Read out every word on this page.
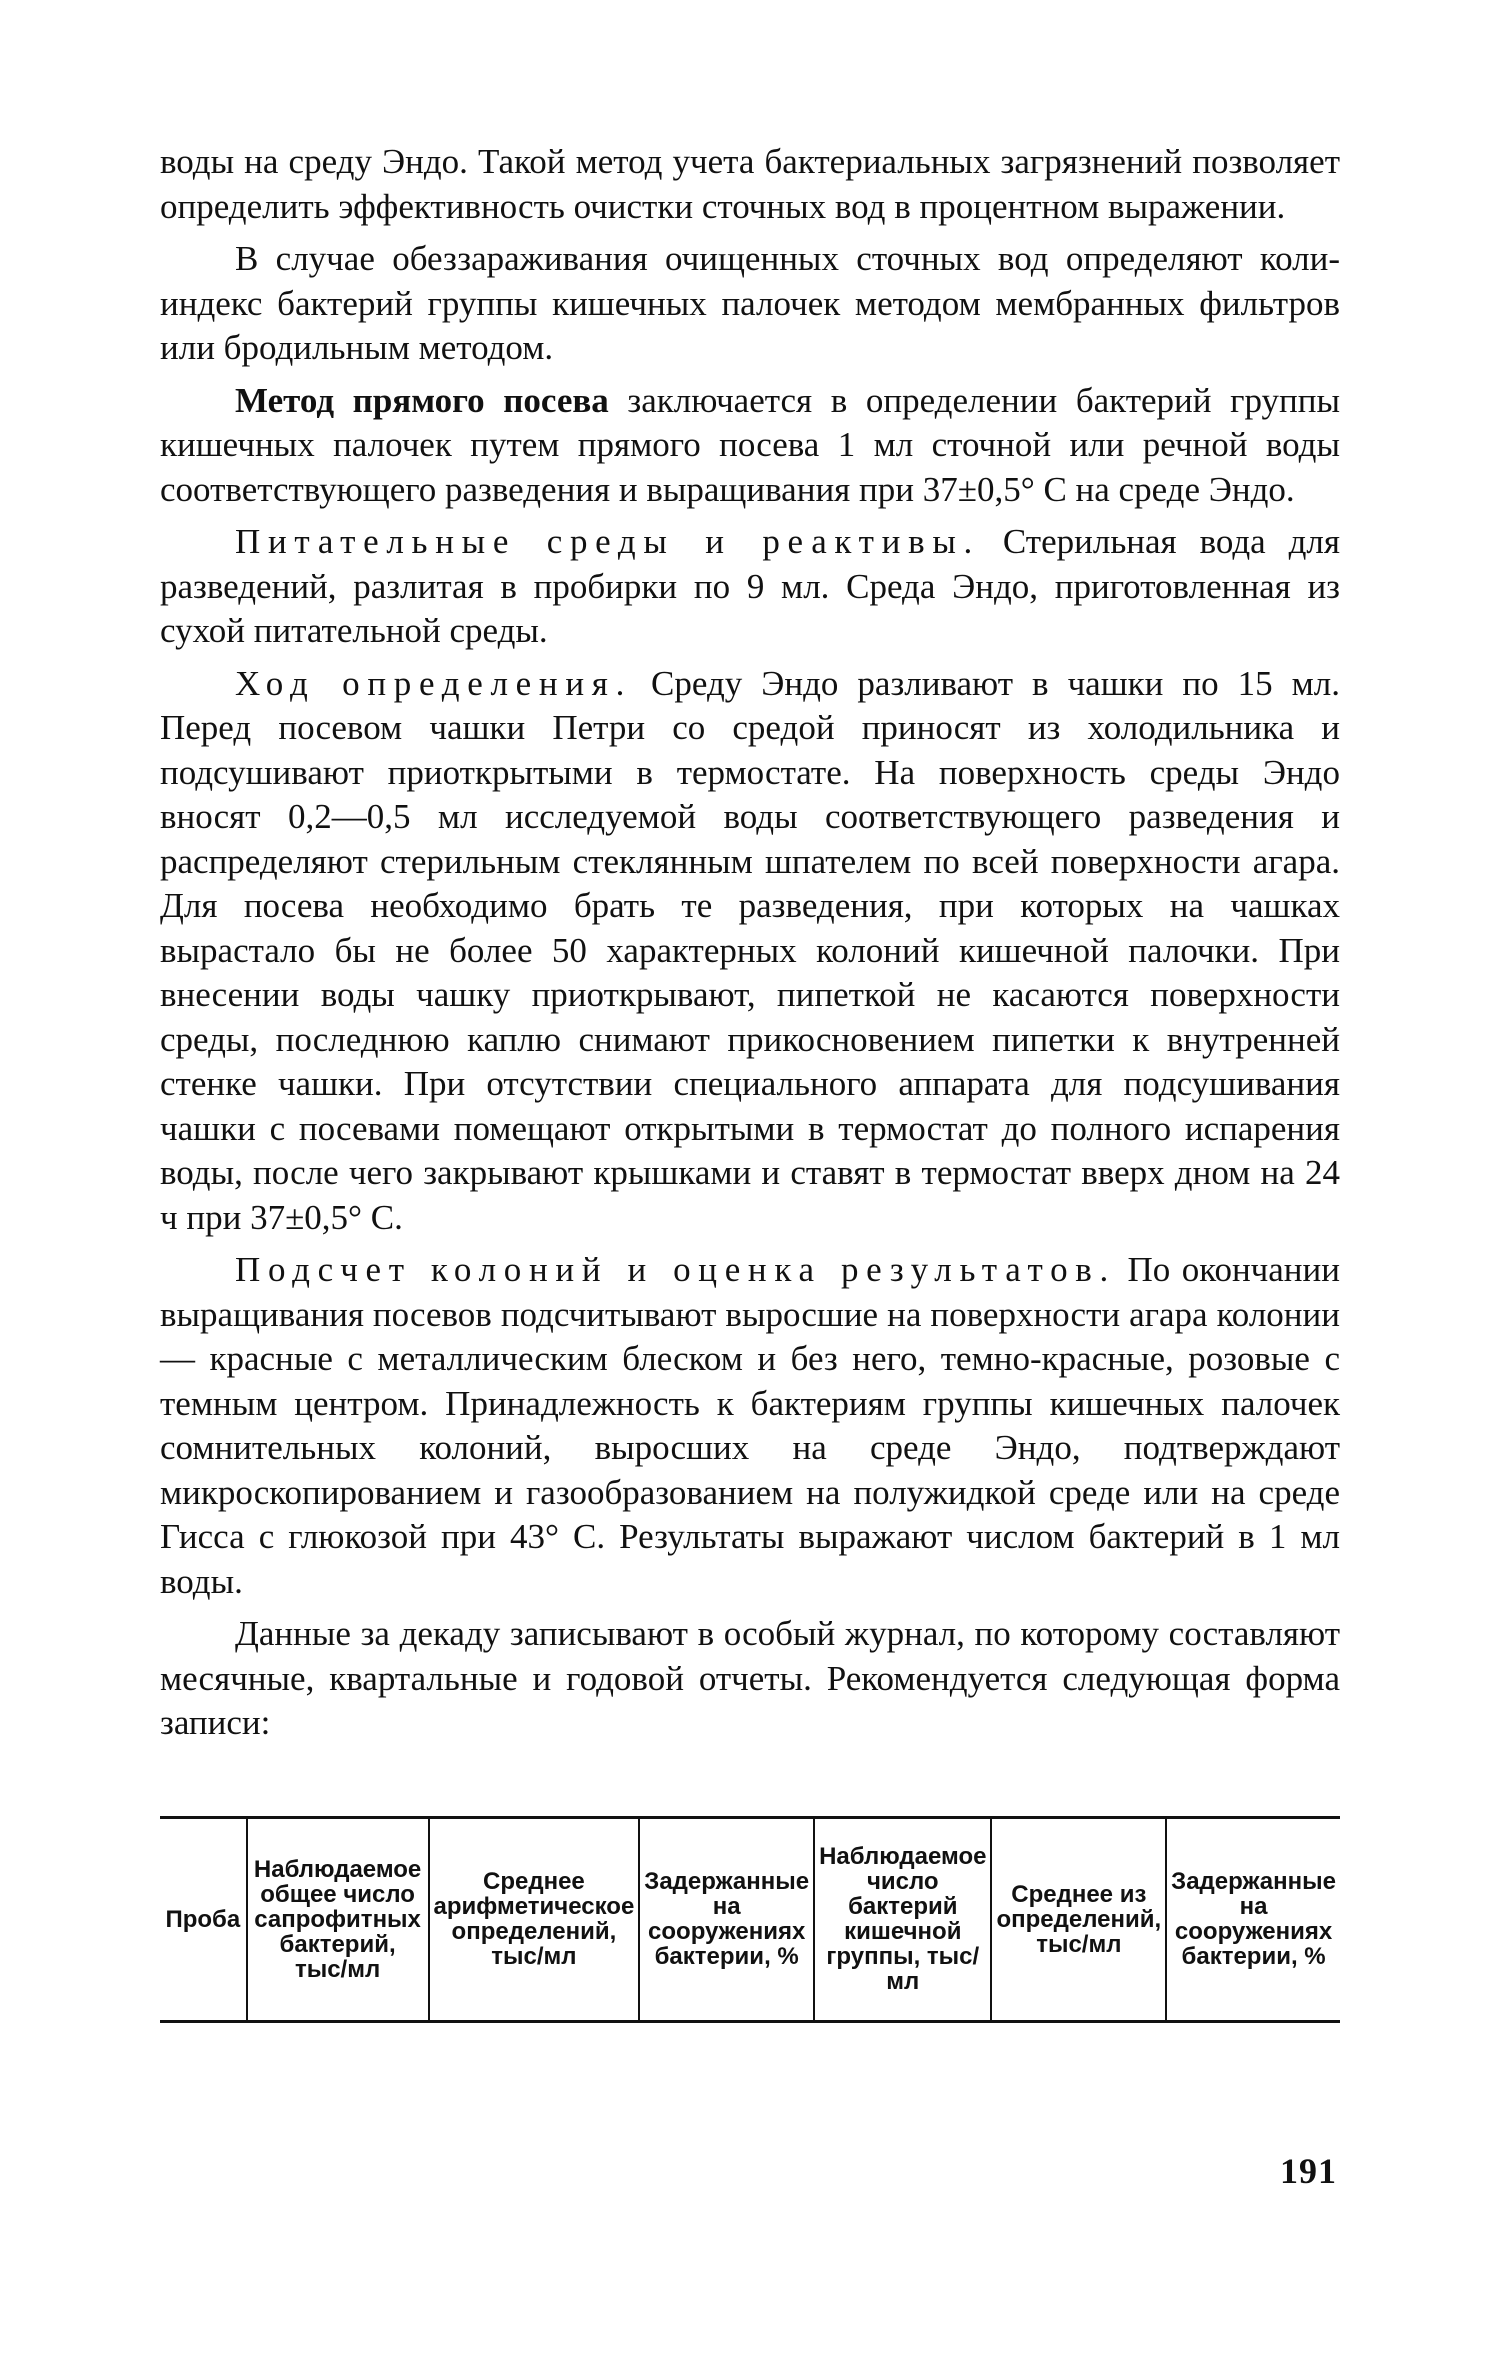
воды на среду Эндо. Такой метод учета бактериальных загрязнений позволяет определить эффективность очистки сточных вод в процентном выражении.

В случае обеззараживания очищенных сточных вод определяют коли-индекс бактерий группы кишечных палочек методом мембранных фильтров или бродильным методом.

Метод прямого посева заключается в определении бактерий группы кишечных палочек путем прямого посева 1 мл сточной или речной воды соответствующего разведения и выращивания при 37±0,5° С на среде Эндо.

Питательные среды и реактивы. Стерильная вода для разведений, разлитая в пробирки по 9 мл. Среда Эндо, приготовленная из сухой питательной среды.

Ход определения. Среду Эндо разливают в чашки по 15 мл. Перед посевом чашки Петри со средой приносят из холодильника и подсушивают приоткрытыми в термостате. На поверхность среды Эндо вносят 0,2—0,5 мл исследуемой воды соответствующего разведения и распределяют стерильным стеклянным шпателем по всей поверхности агара. Для посева необходимо брать те разведения, при которых на чашках вырастало бы не более 50 характерных колоний кишечной палочки. При внесении воды чашку приоткрывают, пипеткой не касаются поверхности среды, последнюю каплю снимают прикосновением пипетки к внутренней стенке чашки. При отсутствии специального аппарата для подсушивания чашки с посевами помещают открытыми в термостат до полного испарения воды, после чего закрывают крышками и ставят в термостат вверх дном на 24 ч при 37±0,5° С.

Подсчет колоний и оценка результатов. По окончании выращивания посевов подсчитывают выросшие на поверхности агара колонии — красные с металлическим блеском и без него, темно-красные, розовые с темным центром. Принадлежность к бактериям группы кишечных палочек сомнительных колоний, выросших на среде Эндо, подтверждают микроскопированием и газообразованием на полужидкой среде или на среде Гисса с глюкозой при 43° С. Результаты выражают числом бактерий в 1 мл воды.

Данные за декаду записывают в особый журнал, по которому составляют месячные, квартальные и годовой отчеты. Рекомендуется следующая форма записи:

Проба	Наблюдаемое общее число сапрофитных бактерий, тыс/мл	Среднее арифметическое определений, тыс/мл	Задержанные на сооружениях бактерии, %	Наблюдаемое число бактерий кишечной группы, тыс/мл	Среднее из определений, тыс/мл	Задержанные на сооружениях бактерии, %
191
